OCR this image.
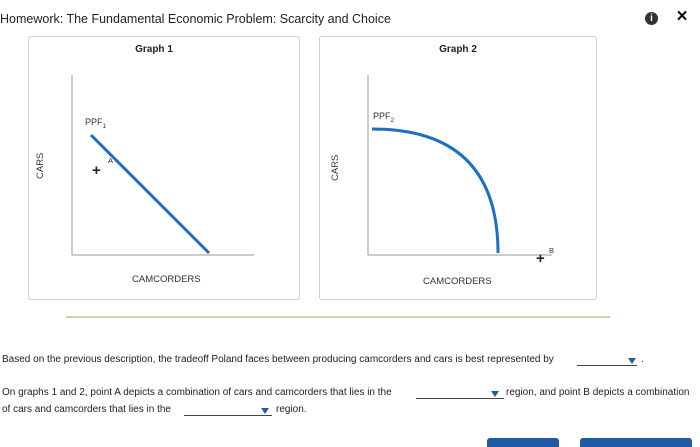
Homework: The Fundamental Economic Problem: Scarcity and Choice	i ×
Graph 1
CARS
CAMCORDERS
$PPF_1$
+
A
Graph 2
CARS
CAMCORDERS
$PPF_2$
+ B
Based on the previous description, the tradeoff Poland faces between producing camcorders and cars is best represented by	.
On graphs 1 and 2, point A depicts a combination of cars and camcorders that lies in the	region, and point B depicts a combination
of cars and camcorders that lies in the	region.
